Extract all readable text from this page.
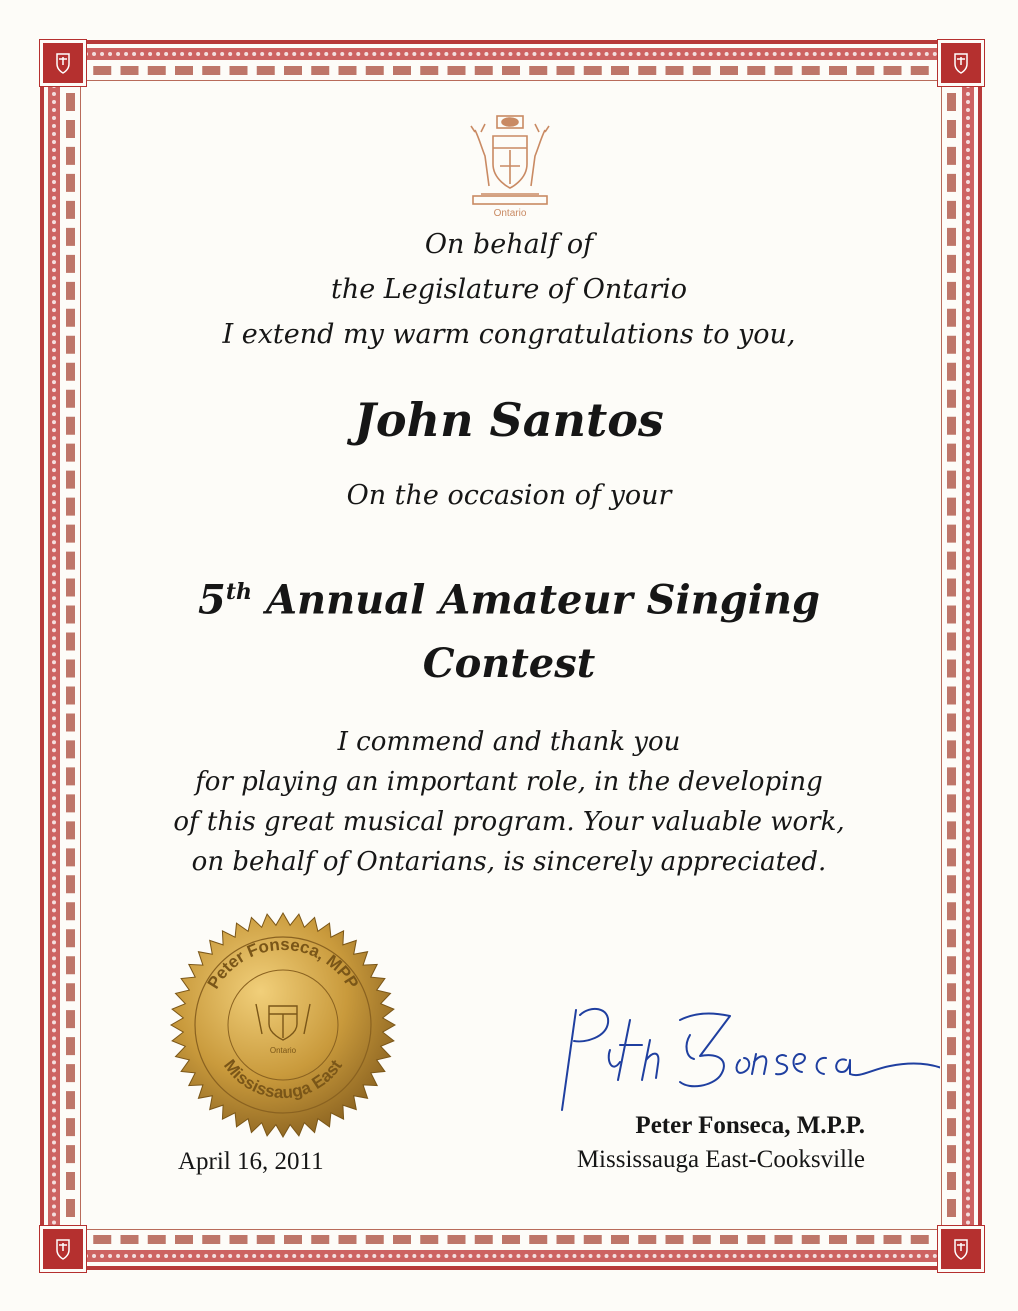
Ontario
On behalf of
the Legislature of Ontario
I extend my warm congratulations to you,
John Santos
On the occasion of your
5th Annual Amateur Singing
Contest
I commend and thank you
for playing an important role, in the developing
of this great musical program. Your valuable work,
on behalf of Ontarians, is sincerely appreciated.
Peter Fonseca, MPP
Mississauga East
Ontario
Peter Fonseca, M.P.P.
Mississauga East-Cooksville
April 16, 2011
